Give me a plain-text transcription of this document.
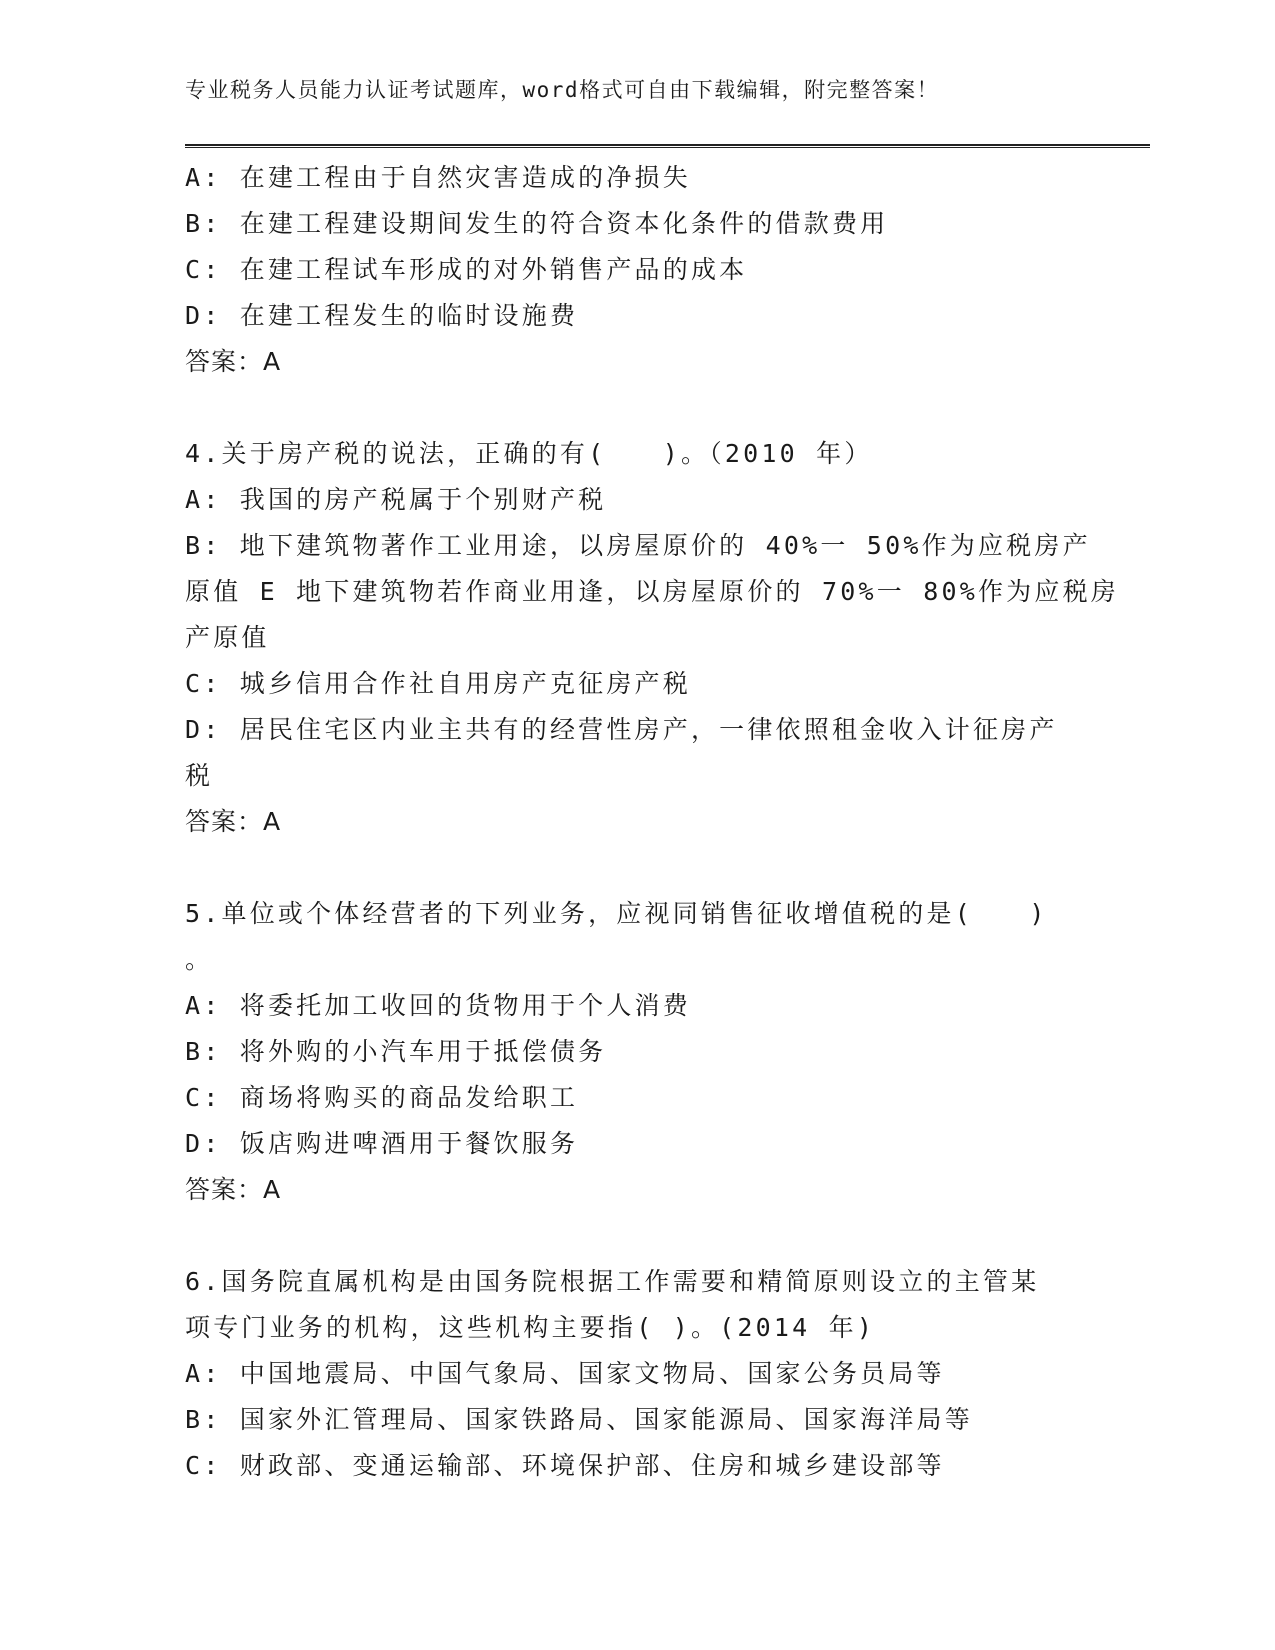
专业税务人员能力认证考试题库，word格式可自由下载编辑，附完整答案！
A: 在建工程由于自然灾害造成的净损失
B: 在建工程建设期间发生的符合资本化条件的借款费用
C: 在建工程试车形成的对外销售产品的成本
D: 在建工程发生的临时设施费
答案：A
4.关于房产税的说法，正确的有(　　)。（2010 年）
A: 我国的房产税属于个别财产税
B: 地下建筑物著作工业用途，以房屋原价的 40%一 50%作为应税房产
原值 E 地下建筑物若作商业用逢，以房屋原价的 70%一 80%作为应税房
产原值
C: 城乡信用合作社自用房产克征房产税
D: 居民住宅区内业主共有的经营性房产，一律依照租金收入计征房产
税
答案：A
5.单位或个体经营者的下列业务，应视同销售征收增值税的是(　　)
。
A: 将委托加工收回的货物用于个人消费
B: 将外购的小汽车用于抵偿债务
C: 商场将购买的商品发给职工
D: 饭店购进啤酒用于餐饮服务
答案：A
6.国务院直属机构是由国务院根据工作需要和精简原则设立的主管某
项专门业务的机构，这些机构主要指( )。(2014 年)
A: 中国地震局、中国气象局、国家文物局、国家公务员局等
B: 国家外汇管理局、国家铁路局、国家能源局、国家海洋局等
C: 财政部、变通运输部、环境保护部、住房和城乡建设部等
